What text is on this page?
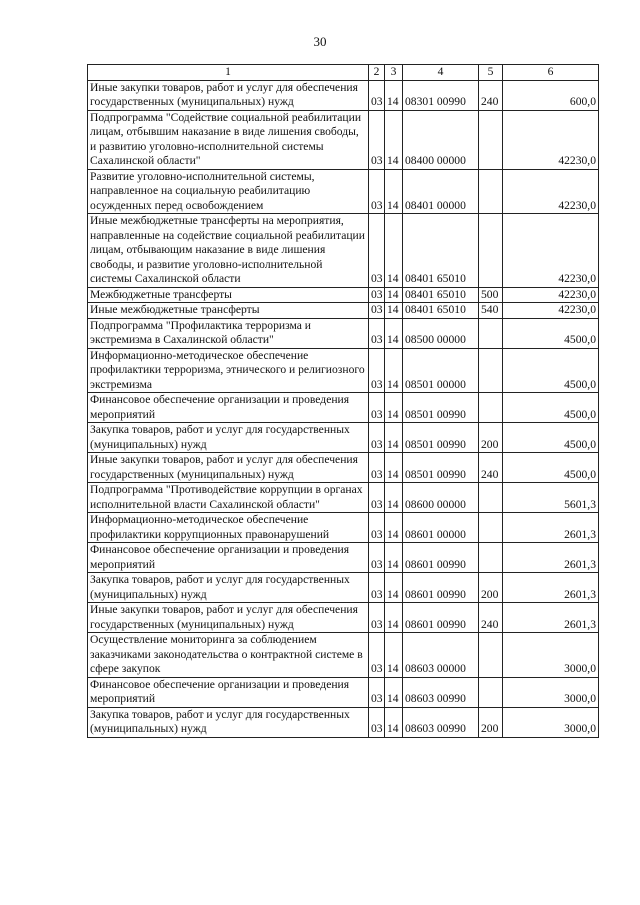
30
1	2	3	4	5	6
Иные закупки товаров, работ и услуг для обеспечения государственных (муниципальных) нужд	03	14	08301 00990	240	600,0
Подпрограмма "Содействие социальной реабилитации лицам, отбывшим наказание в виде лишения свободы, и развитию уголовно-исполнительной системы Сахалинской области"	03	14	08400 00000		42230,0
Развитие уголовно-исполнительной системы, направленное на социальную реабилитацию осужденных перед освобождением	03	14	08401 00000		42230,0
Иные межбюджетные трансферты на мероприятия, направленные на содействие социальной реабилитации лицам, отбывающим наказание в виде лишения свободы, и развитие уголовно-исполнительной системы Сахалинской области	03	14	08401 65010		42230,0
Межбюджетные трансферты	03	14	08401 65010	500	42230,0
Иные межбюджетные трансферты	03	14	08401 65010	540	42230,0
Подпрограмма "Профилактика терроризма и экстремизма в Сахалинской области"	03	14	08500 00000		4500,0
Информационно-методическое обеспечение профилактики терроризма, этнического и религиозного экстремизма	03	14	08501 00000		4500,0
Финансовое обеспечение организации и проведения мероприятий	03	14	08501 00990		4500,0
Закупка товаров, работ и услуг для государственных (муниципальных) нужд	03	14	08501 00990	200	4500,0
Иные закупки товаров, работ и услуг для обеспечения государственных (муниципальных) нужд	03	14	08501 00990	240	4500,0
Подпрограмма "Противодействие коррупции в органах исполнительной власти Сахалинской области"	03	14	08600 00000		5601,3
Информационно-методическое обеспечение профилактики коррупционных правонарушений	03	14	08601 00000		2601,3
Финансовое обеспечение организации и проведения мероприятий	03	14	08601 00990		2601,3
Закупка товаров, работ и услуг для государственных (муниципальных) нужд	03	14	08601 00990	200	2601,3
Иные закупки товаров, работ и услуг для обеспечения государственных (муниципальных) нужд	03	14	08601 00990	240	2601,3
Осуществление мониторинга за соблюдением заказчиками законодательства о контрактной системе в сфере закупок	03	14	08603 00000		3000,0
Финансовое обеспечение организации и проведения мероприятий	03	14	08603 00990		3000,0
Закупка товаров, работ и услуг для государственных (муниципальных) нужд	03	14	08603 00990	200	3000,0
